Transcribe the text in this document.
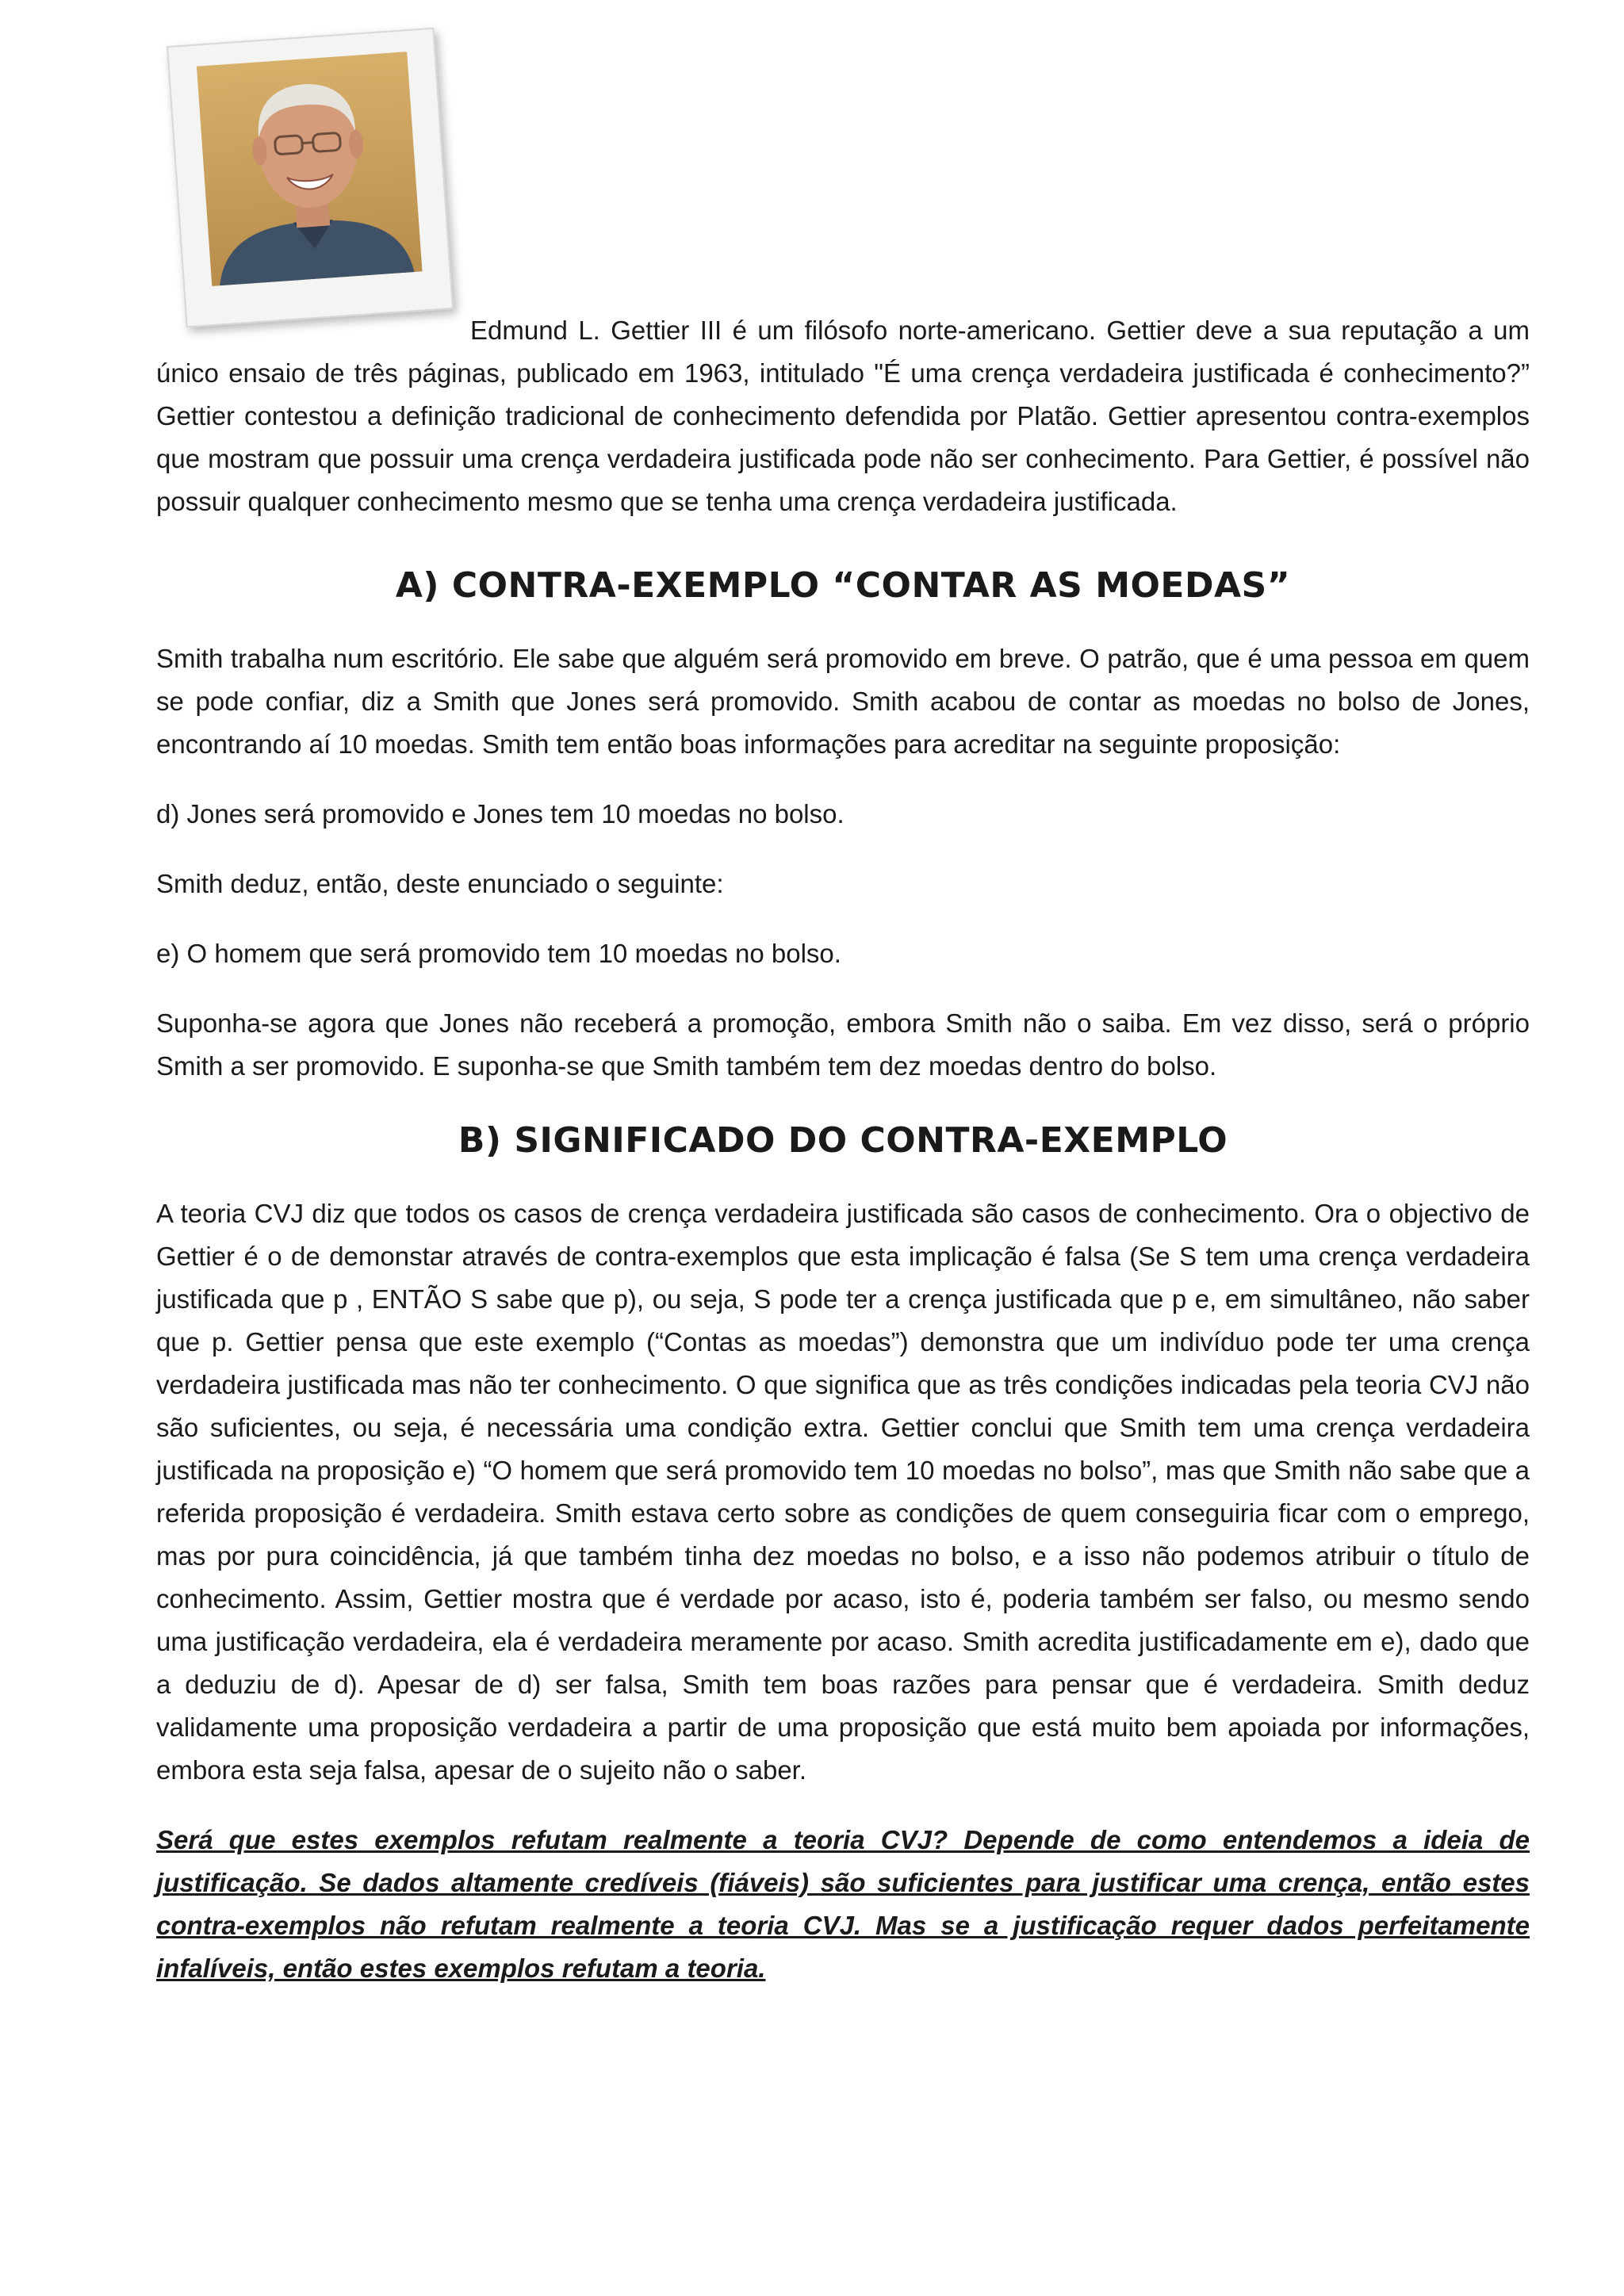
Edmund L. Gettier III é um filósofo norte-americano. Gettier deve a sua reputação a um único ensaio de três páginas, publicado em 1963, intitulado "É uma crença verdadeira justificada é conhecimento?” Gettier contestou a definição tradicional de conhecimento defendida por Platão. Gettier apresentou contra-exemplos que mostram que possuir uma crença verdadeira justificada pode não ser conhecimento. Para Gettier, é possível não possuir qualquer conhecimento mesmo que se tenha uma crença verdadeira justificada.

A) CONTRA-EXEMPLO “CONTAR AS MOEDAS”

Smith trabalha num escritório. Ele sabe que alguém será promovido em breve. O patrão, que é uma pessoa em quem se pode confiar, diz a Smith que Jones será promovido. Smith acabou de contar as moedas no bolso de Jones, encontrando aí 10 moedas. Smith tem então boas informações para acreditar na seguinte proposição:

d) Jones será promovido e Jones tem 10 moedas no bolso.

Smith deduz, então, deste enunciado o seguinte:

e) O homem que será promovido tem 10 moedas no bolso.

Suponha-se agora que Jones não receberá a promoção, embora Smith não o saiba. Em vez disso, será o próprio Smith a ser promovido. E suponha-se que Smith também tem dez moedas dentro do bolso.

B) SIGNIFICADO DO CONTRA-EXEMPLO

A teoria CVJ diz que todos os casos de crença verdadeira justificada são casos de conhecimento. Ora o objectivo de Gettier é o de demonstar através de contra-exemplos que esta implicação é falsa (Se S tem uma crença verdadeira justificada que p , ENTÃO S sabe que p), ou seja, S pode ter a crença justificada que p e, em simultâneo, não saber que p. Gettier pensa que este exemplo (“Contas as moedas”) demonstra que um indivíduo pode ter uma crença verdadeira justificada mas não ter conhecimento. O que significa que as três condições indicadas pela teoria CVJ não são suficientes, ou seja, é necessária uma condição extra. Gettier conclui que Smith tem uma crença verdadeira justificada na proposição e) “O homem que será promovido tem 10 moedas no bolso”, mas que Smith não sabe que a referida proposição é verdadeira. Smith estava certo sobre as condições de quem conseguiria ficar com o emprego, mas por pura coincidência, já que também tinha dez moedas no bolso, e a isso não podemos atribuir o título de conhecimento. Assim, Gettier mostra que é verdade por acaso, isto é, poderia também ser falso, ou mesmo sendo uma justificação verdadeira, ela é verdadeira meramente por acaso. Smith acredita justificadamente em e), dado que a deduziu de d). Apesar de d) ser falsa, Smith tem boas razões para pensar que é verdadeira. Smith deduz validamente uma proposição verdadeira a partir de uma proposição que está muito bem apoiada por informações, embora esta seja falsa, apesar de o sujeito não o saber.

Será que estes exemplos refutam realmente a teoria CVJ? Depende de como entendemos a ideia de justificação. Se dados altamente credíveis (fiáveis) são suficientes para justificar uma crença, então estes contra-exemplos não refutam realmente a teoria CVJ. Mas se a justificação requer dados perfeitamente infalíveis, então estes exemplos refutam a teoria.
